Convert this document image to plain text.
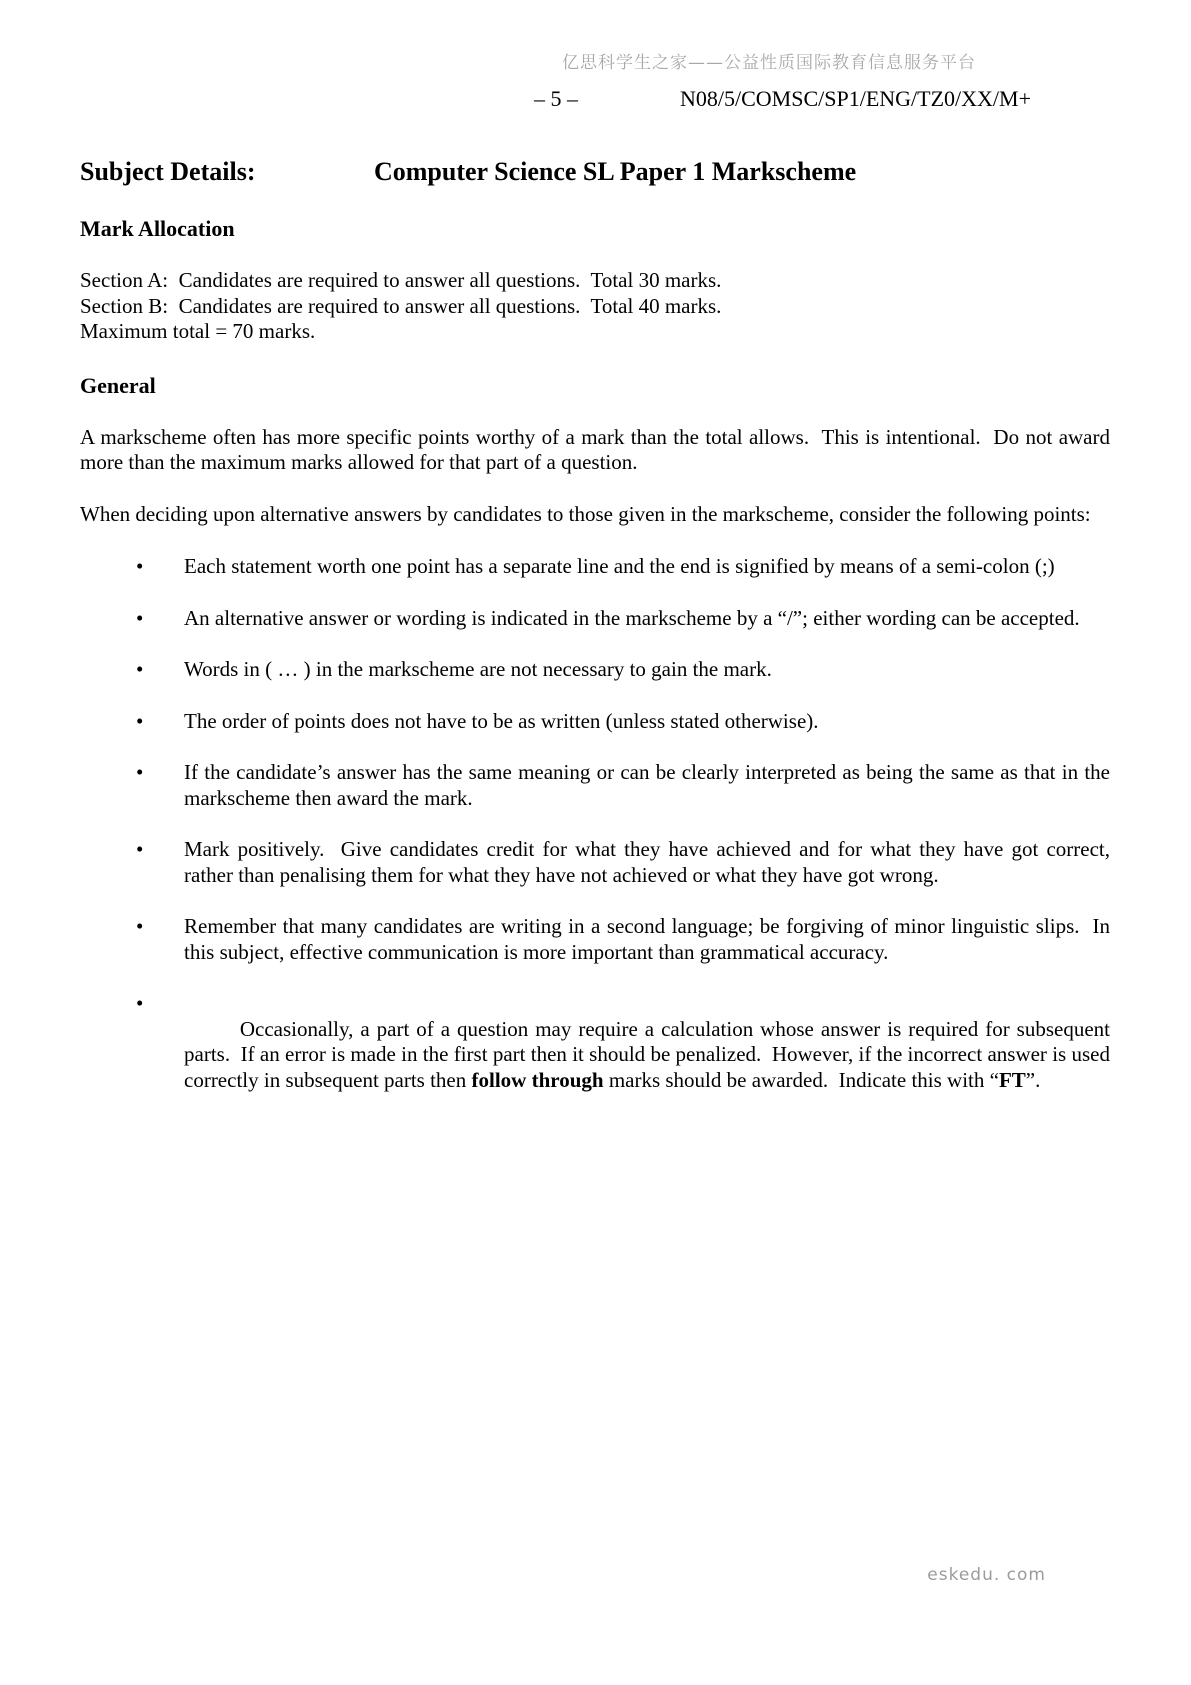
亿思科学生之家——公益性质国际教育信息服务平台
– 5 –	N08/5/COMSC/SP1/ENG/TZ0/XX/M+
Subject Details:	Computer Science SL Paper 1 Markscheme
Mark Allocation
Section A:  Candidates are required to answer all questions.  Total 30 marks.
Section B:  Candidates are required to answer all questions.  Total 40 marks.
Maximum total = 70 marks.
General

A markscheme often has more specific points worthy of a mark than the total allows.  This is intentional.  Do not award more than the maximum marks allowed for that part of a question.

When deciding upon alternative answers by candidates to those given in the markscheme, consider the following points:

• Each statement worth one point has a separate line and the end is signified by means of a semi-colon (;)
• An alternative answer or wording is indicated in the markscheme by a “/”; either wording can be accepted.
• Words in ( … ) in the markscheme are not necessary to gain the mark.
• The order of points does not have to be as written (unless stated otherwise).
• If the candidate’s answer has the same meaning or can be clearly interpreted as being the same as that in the markscheme then award the mark.
• Mark positively.  Give candidates credit for what they have achieved and for what they have got correct, rather than penalising them for what they have not achieved or what they have got wrong.
• Remember that many candidates are writing in a second language; be forgiving of minor linguistic slips.  In this subject, effective communication is more important than grammatical accuracy.

• Occasionally, a part of a question may require a calculation whose answer is required for subsequent parts.  If an error is made in the first part then it should be penalized.  However, if the incorrect answer is used correctly in subsequent parts then follow through marks should be awarded.  Indicate this with “FT”.

eskedu. com
